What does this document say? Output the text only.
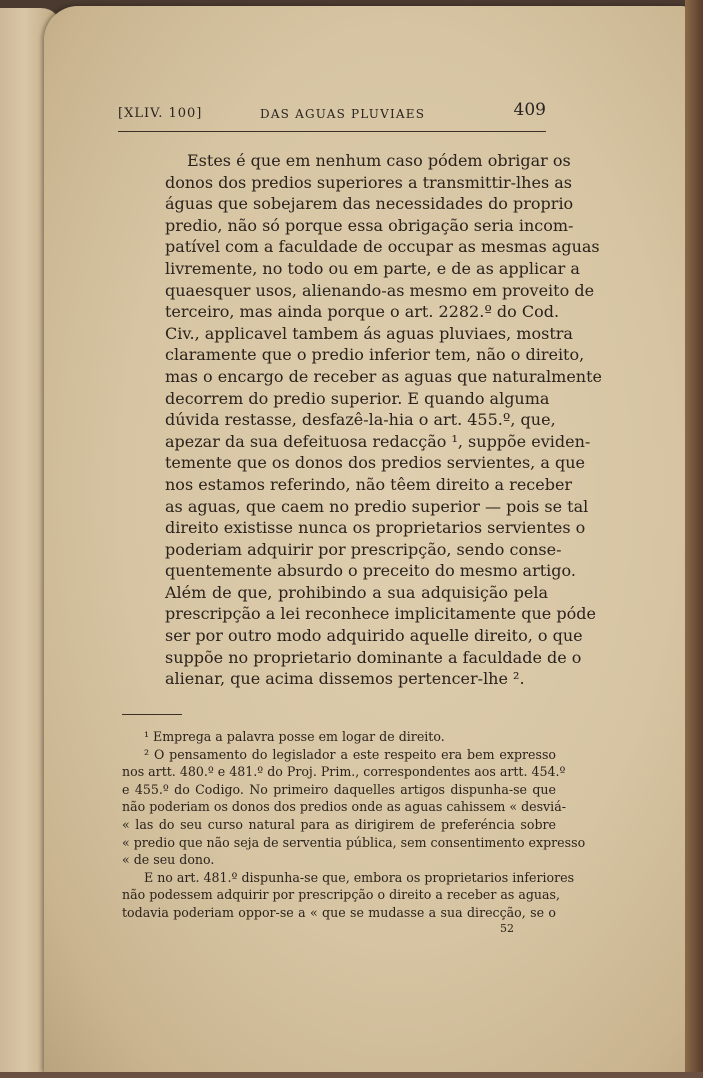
[XLIV. 100]	DAS AGUAS PLUVIAES	409
Estes é que em nenhum caso pódem obrigar os
donos dos predios superiores a transmittir-lhes as
águas que sobejarem das necessidades do proprio
predio, não só porque essa obrigação seria incom-
patível com a faculdade de occupar as mesmas aguas
livremente, no todo ou em parte, e de as applicar a
quaesquer usos, alienando-as mesmo em proveito de
terceiro, mas ainda porque o art. 2282.º do Cod.
Civ., applicavel tambem ás aguas pluviaes, mostra
claramente que o predio inferior tem, não o direito,
mas o encargo de receber as aguas que naturalmente
decorrem do predio superior. E quando alguma
dúvida restasse, desfazê-la-hia o art. 455.º, que,
apezar da sua defeituosa redacção ¹, suppõe eviden-
temente que os donos dos predios servientes, a que
nos estamos referindo, não têem direito a receber
as aguas, que caem no predio superior — pois se tal
direito existisse nunca os proprietarios servientes o
poderiam adquirir por prescripção, sendo conse-
quentemente absurdo o preceito do mesmo artigo.
Além de que, prohibindo a sua adquisição pela
prescripção a lei reconhece implicitamente que póde
ser por outro modo adquirido aquelle direito, o que
suppõe no proprietario dominante a faculdade de o
alienar, que acima dissemos pertencer-lhe ².
¹ Emprega a palavra posse em logar de direito.
² O pensamento do legislador a este respeito era bem expresso
nos artt. 480.º e 481.º do Proj. Prim., correspondentes aos artt. 454.º
e 455.º do Codigo. No primeiro daquelles artigos dispunha-se que
não poderiam os donos dos predios onde as aguas cahissem « desviá-
« las do seu curso natural para as dirigirem de preferéncia sobre
« predio que não seja de serventia pública, sem consentimento expresso
« de seu dono.
E no art. 481.º dispunha-se que, embora os proprietarios inferiores
não podessem adquirir por prescripção o direito a receber as aguas,
todavia poderiam oppor-se a « que se mudasse a sua direcção, se o
52
